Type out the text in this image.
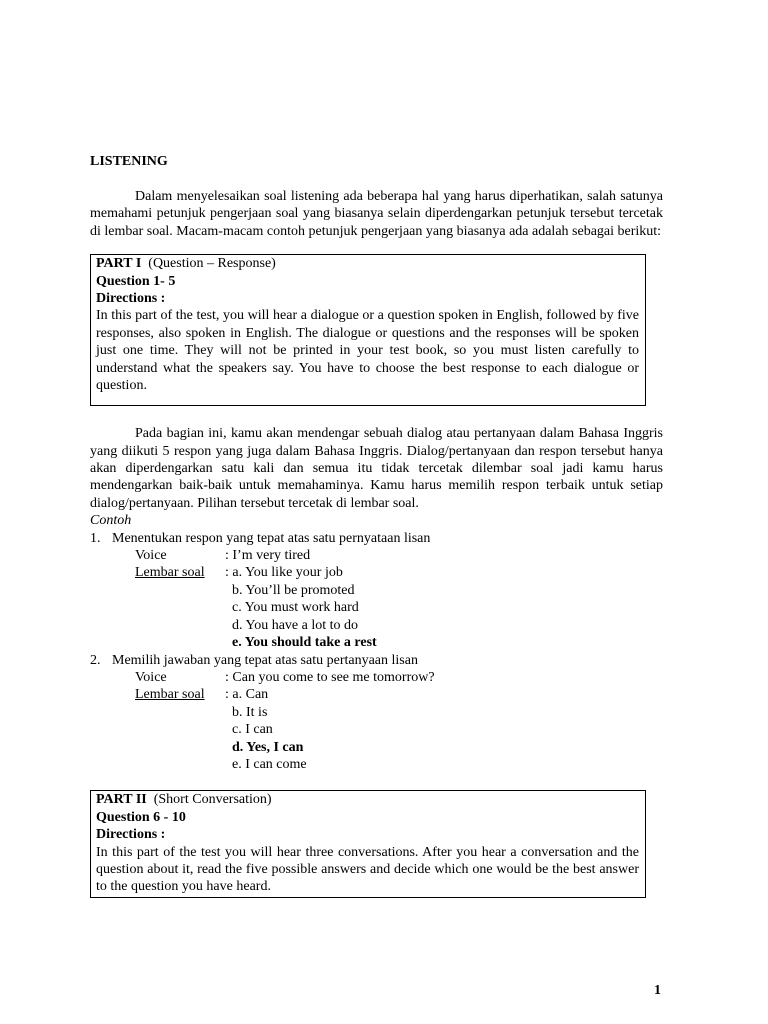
LISTENING

Dalam menyelesaikan soal listening ada beberapa hal yang harus diperhatikan, salah satunya memahami petunjuk pengerjaan soal yang biasanya selain diperdengarkan petunjuk tersebut tercetak di lembar soal. Macam-macam contoh petunjuk pengerjaan yang biasanya ada adalah sebagai berikut:

PART I (Question – Response)
Question 1- 5
Directions :
In this part of the test, you will hear a dialogue or a question spoken in English, followed by five responses, also spoken in English. The dialogue or questions and the responses will be spoken just one time. They will not be printed in your test book, so you must listen carefully to understand what the speakers say. You have to choose the best response to each dialogue or question.

Pada bagian ini, kamu akan mendengar sebuah dialog atau pertanyaan dalam Bahasa Inggris yang diikuti 5 respon yang juga dalam Bahasa Inggris. Dialog/pertanyaan dan respon tersebut hanya akan diperdengarkan satu kali dan semua itu tidak tercetak dilembar soal jadi kamu harus mendengarkan baik-baik untuk memahaminya. Kamu harus memilih respon terbaik untuk setiap dialog/pertanyaan. Pilihan tersebut tercetak di lembar soal.

Contoh

1. Menentukan respon yang tepat atas satu pernyataan lisan
Voice	: I’m very tired
Lembar soal	: a. You like your job
b. You’ll be promoted
c. You must work hard
d. You have a lot to do
e. You should take a rest
2. Memilih jawaban yang tepat atas satu pertanyaan lisan
Voice	: Can you come to see me tomorrow?
Lembar soal	: a. Can
b. It is
c. I can
d. Yes, I can
e. I can come
PART II (Short Conversation)
Question 6 - 10
Directions :
In this part of the test you will hear three conversations. After you hear a conversation and the question about it, read the five possible answers and decide which one would be the best answer to the question you have heard.
1
